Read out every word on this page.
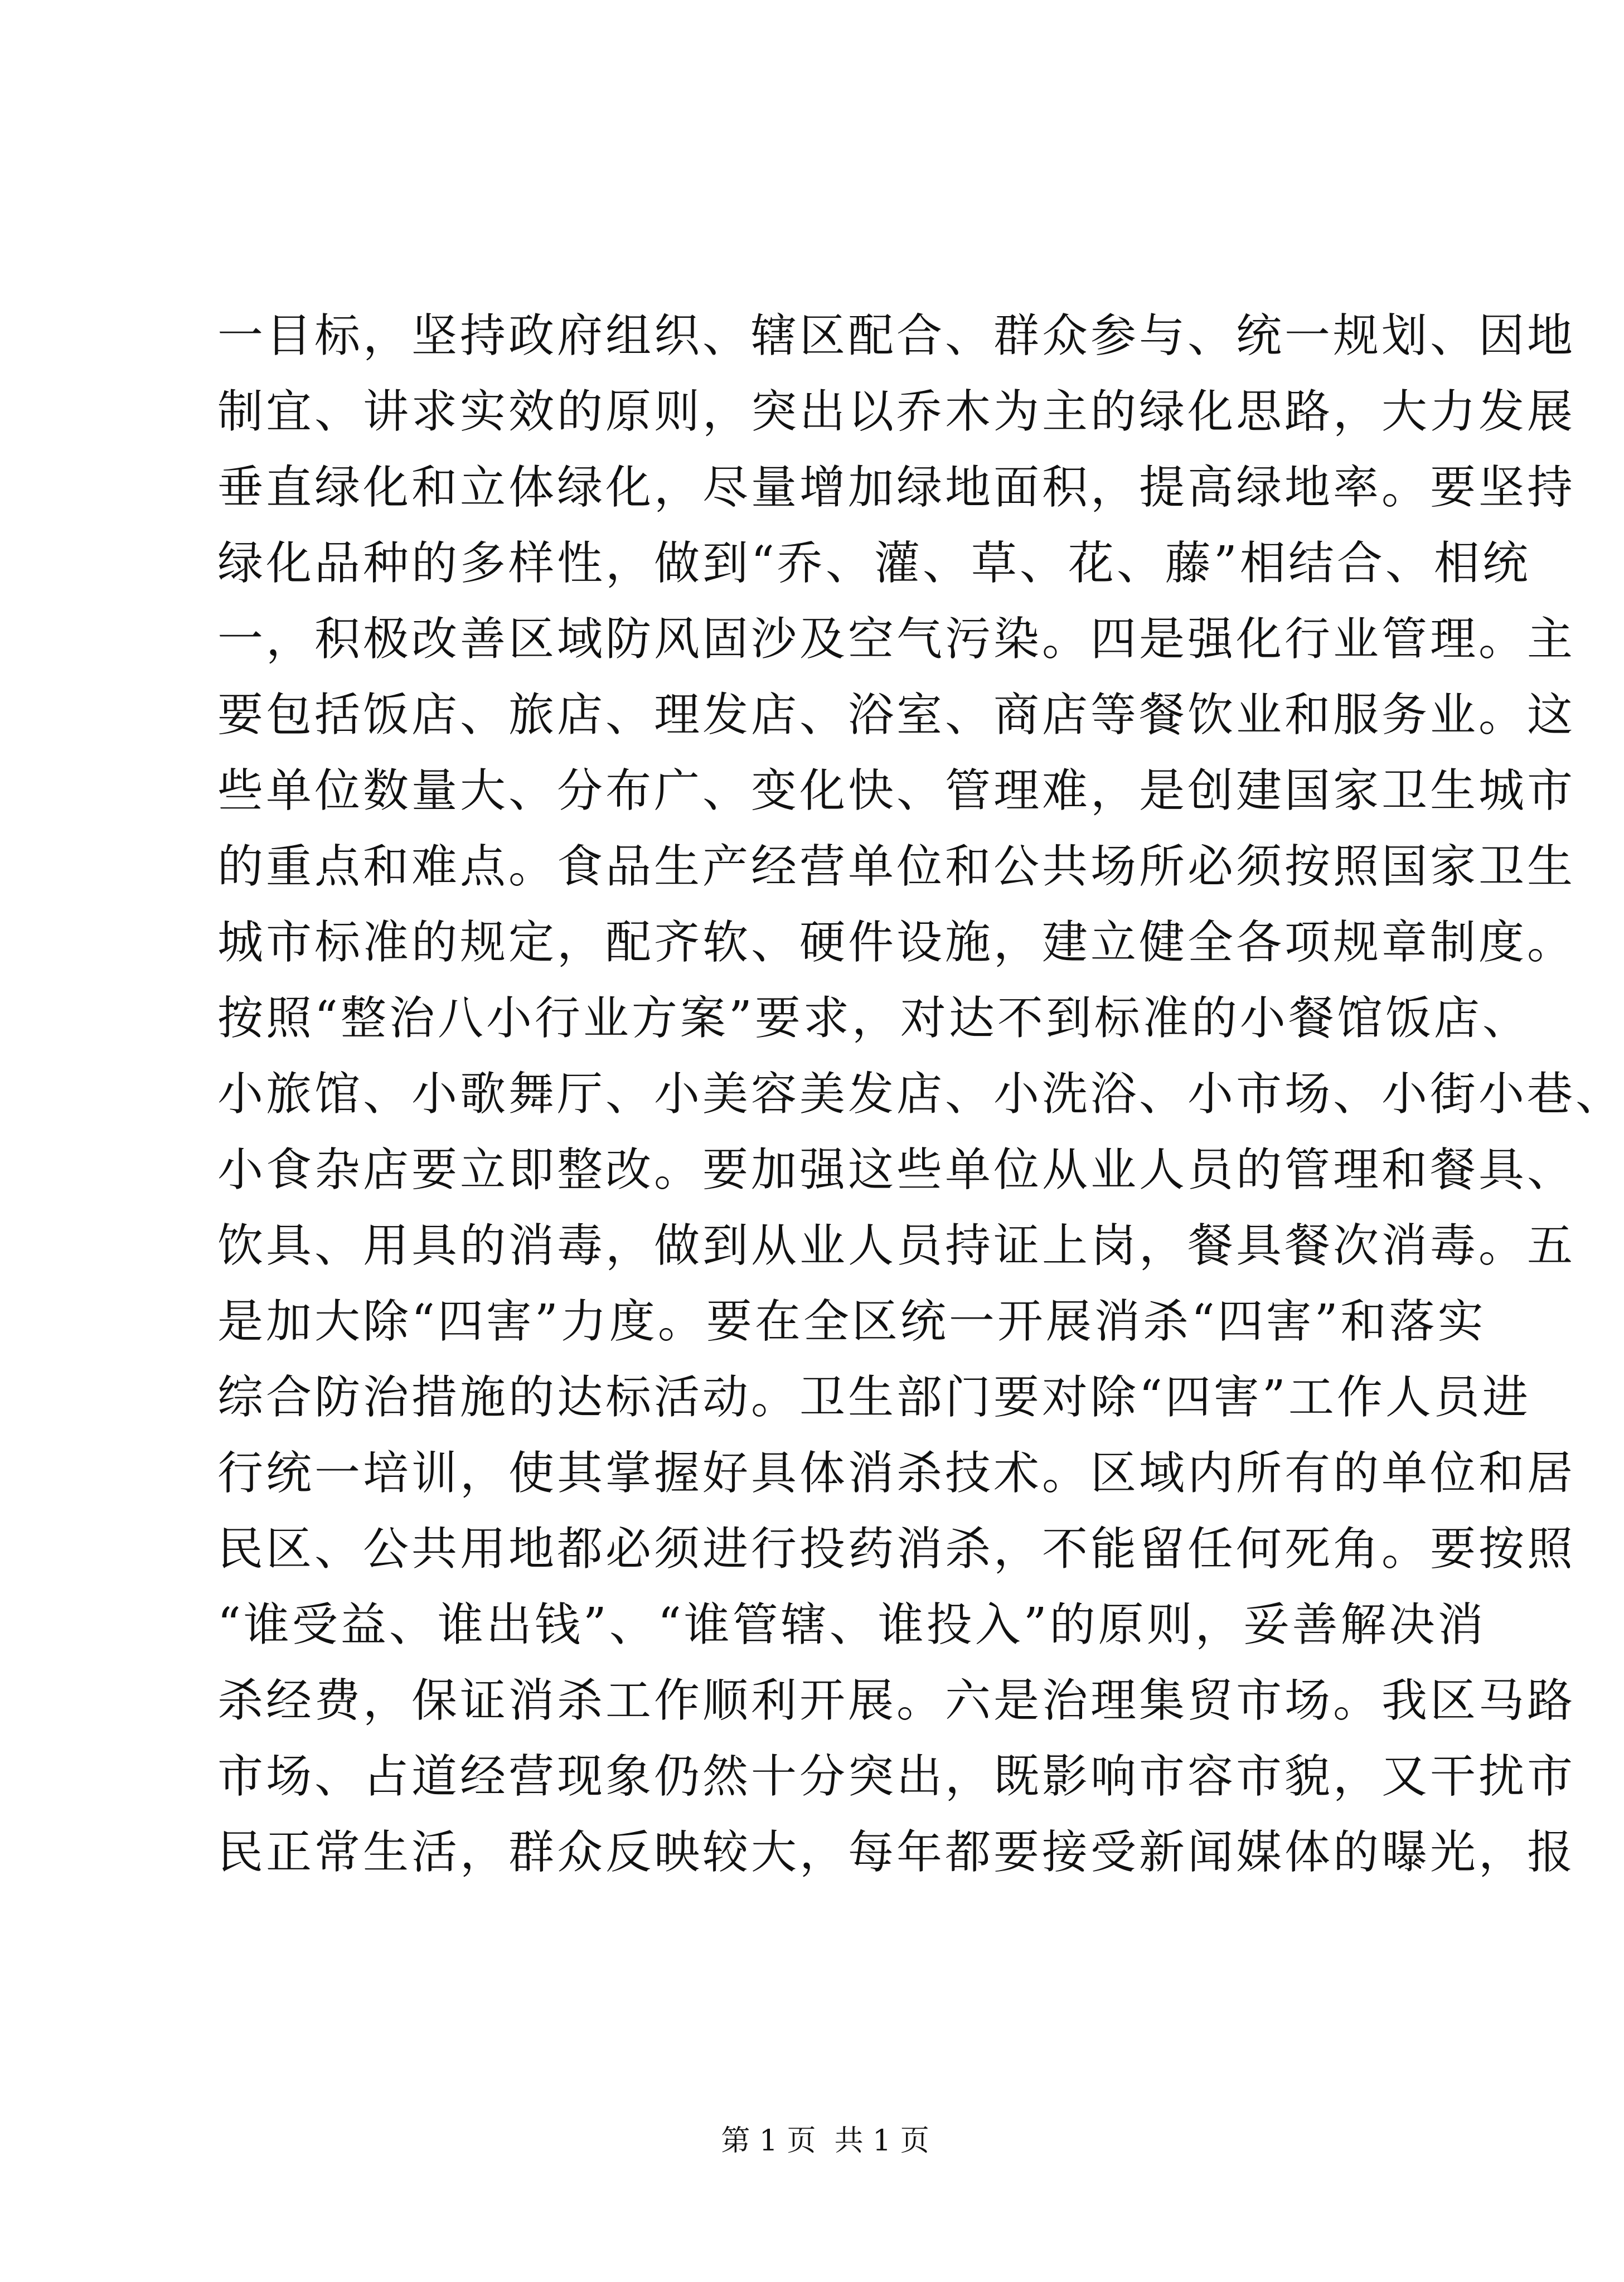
一目标，坚持政府组织、辖区配合、群众参与、统一规划、因地
制宜、讲求实效的原则，突出以乔木为主的绿化思路，大力发展
垂直绿化和立体绿化，尽量增加绿地面积，提高绿地率。要坚持
绿化品种的多样性，做到“乔、灌、草、花、藤”相结合、相统
一，积极改善区域防风固沙及空气污染。四是强化行业管理。主
要包括饭店、旅店、理发店、浴室、商店等餐饮业和服务业。这
些单位数量大、分布广、变化快、管理难，是创建国家卫生城市
的重点和难点。食品生产经营单位和公共场所必须按照国家卫生
城市标准的规定，配齐软、硬件设施，建立健全各项规章制度。
按照“整治八小行业方案”要求，对达不到标准的小餐馆饭店、
小旅馆、小歌舞厅、小美容美发店、小洗浴、小市场、小街小巷、
小食杂店要立即整改。要加强这些单位从业人员的管理和餐具、
饮具、用具的消毒，做到从业人员持证上岗，餐具餐次消毒。五
是加大除“四害”力度。要在全区统一开展消杀“四害”和落实
综合防治措施的达标活动。卫生部门要对除“四害”工作人员进
行统一培训，使其掌握好具体消杀技术。区域内所有的单位和居
民区、公共用地都必须进行投药消杀，不能留任何死角。要按照
“谁受益、谁出钱”、“谁管辖、谁投入”的原则，妥善解决消
杀经费，保证消杀工作顺利开展。六是治理集贸市场。我区马路
市场、占道经营现象仍然十分突出，既影响市容市貌，又干扰市
民正常生活，群众反映较大，每年都要接受新闻媒体的曝光，报

第 1 页  共 1 页
